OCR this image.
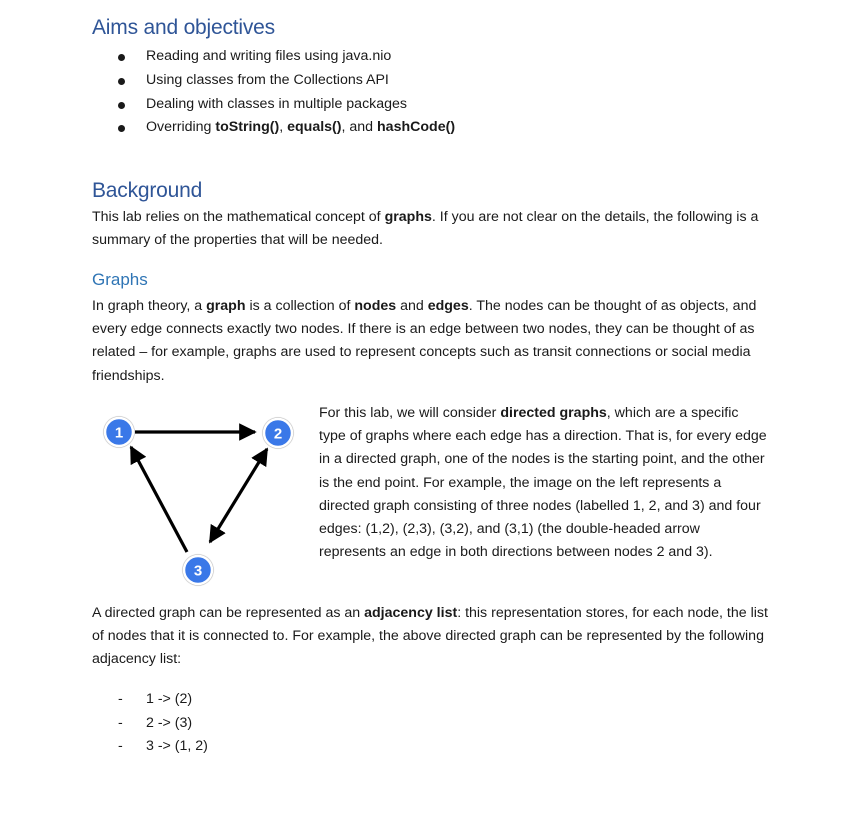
Aims and objectives
Reading and writing files using java.nio
Using classes from the Collections API
Dealing with classes in multiple packages
Overriding toString(), equals(), and hashCode()
Background
This lab relies on the mathematical concept of graphs. If you are not clear on the details, the following is a summary of the properties that will be needed.
Graphs
In graph theory, a graph is a collection of nodes and edges. The nodes can be thought of as objects, and every edge connects exactly two nodes. If there is an edge between two nodes, they can be thought of as related – for example, graphs are used to represent concepts such as transit connections or social media friendships.
1	2
3
For this lab, we will consider directed graphs, which are a specific type of graphs where each edge has a direction. That is, for every edge in a directed graph, one of the nodes is the starting point, and the other is the end point. For example, the image on the left represents a directed graph consisting of three nodes (labelled 1, 2, and 3) and four edges: (1,2), (2,3), (3,2), and (3,1) (the double-headed arrow represents an edge in both directions between nodes 2 and 3).
A directed graph can be represented as an adjacency list: this representation stores, for each node, the list of nodes that it is connected to. For example, the above directed graph can be represented by the following adjacency list:
- 1 -> (2)
- 2 -> (3)
- 3 -> (1, 2)
